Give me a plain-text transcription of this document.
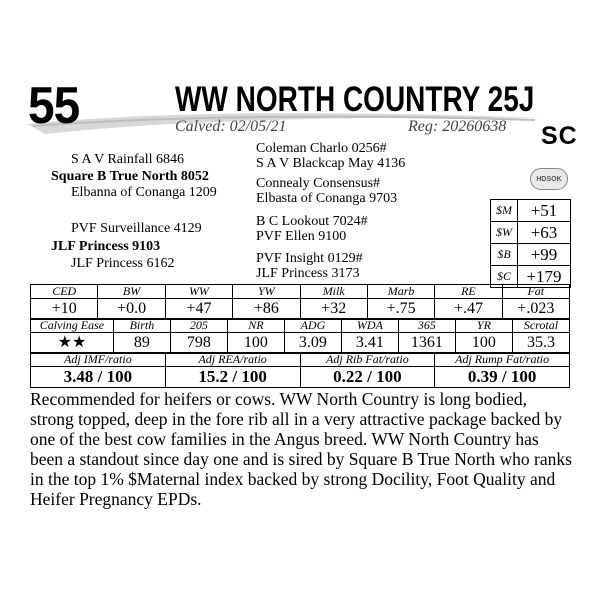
55	WW NORTH COUNTRY 25J
Calved: 02/05/21	Reg: 20260638 SC
S A V Rainfall 6846
Square B True North 8052
Elbanna of Conanga 1209
PVF Surveillance 4129
JLF Princess 9103
JLF Princess 6162
Coleman Charlo 0256#
S A V Blackcap May 4136
Connealy Consensus#
Elbasta of Conanga 9703
B C Lookout 7024#
PVF Ellen 9100
PVF Insight 0129#
JLF Princess 3173
HDSOK
$M	+51
$W	+63
$B	+99
$C +179
CED	BW	WW	YW	Milk	Marb	RE	Fat
+10	+0.0	+47	+86	+32	+.75	+.47	+.023
Calving Ease	Birth	205	NR	ADG	WDA	365	YR	Scrotal
★★	89	798	100	3.09	3.41	1361	100	35.3
Adj IMF/ratio	Adj REA/ratio	Adj Rib Fat/ratio	Adj Rump Fat/ratio
3.48 / 100	15.2 / 100	0.22 / 100	0.39 / 100
Recommended for heifers or cows. WW North Country is long bodied, strong topped, deep in the fore rib all in a very attractive package backed by one of the best cow families in the Angus breed. WW North Country has been a standout since day one and is sired by Square B True North who ranks in the top 1% $Maternal index backed by strong Docility, Foot Quality and Heifer Pregnancy EPDs.
